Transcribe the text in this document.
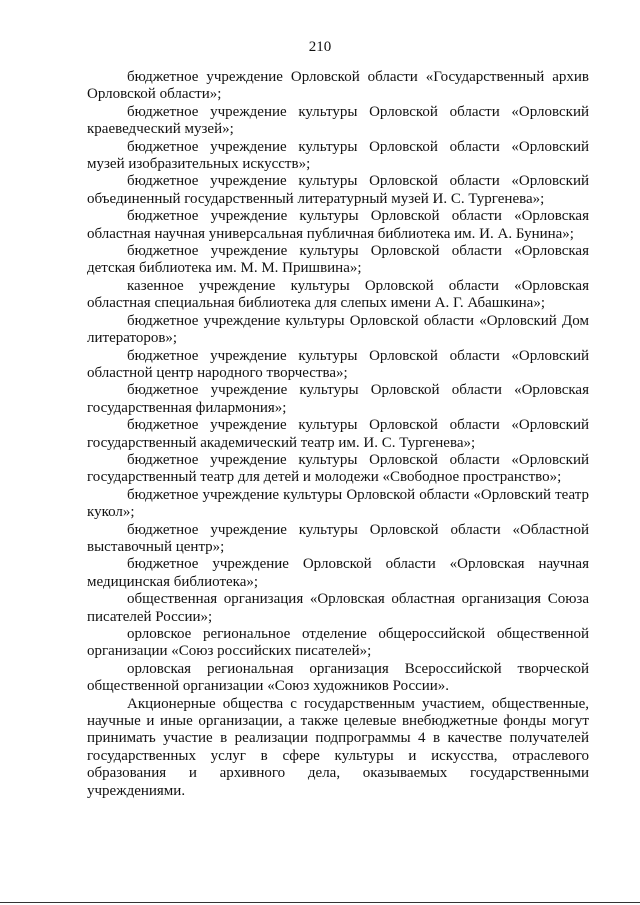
210

бюджетное учреждение Орловской области «Государственный архив Орловской области»;

бюджетное учреждение культуры Орловской области «Орловский краеведческий музей»;

бюджетное учреждение культуры Орловской области «Орловский музей изобразительных искусств»;

бюджетное учреждение культуры Орловской области «Орловский объединенный государственный литературный музей И. С. Тургенева»;

бюджетное учреждение культуры Орловской области «Орловская областная научная универсальная публичная библиотека им. И. А. Бунина»;

бюджетное учреждение культуры Орловской области «Орловская детская библиотека им. М. М. Пришвина»;

казенное учреждение культуры Орловской области «Орловская областная специальная библиотека для слепых имени А. Г. Абашкина»;

бюджетное учреждение культуры Орловской области «Орловский Дом литераторов»;

бюджетное учреждение культуры Орловской области «Орловский областной центр народного творчества»;

бюджетное учреждение культуры Орловской области «Орловская государственная филармония»;

бюджетное учреждение культуры Орловской области «Орловский государственный академический театр им. И. С. Тургенева»;

бюджетное учреждение культуры Орловской области «Орловский государственный театр для детей и молодежи «Свободное пространство»;

бюджетное учреждение культуры Орловской области «Орловский театр кукол»;

бюджетное учреждение культуры Орловской области «Областной выставочный центр»;

бюджетное учреждение Орловской области «Орловская научная медицинская библиотека»;

общественная организация «Орловская областная организация Союза писателей России»;

орловское региональное отделение общероссийской общественной организации «Союз российских писателей»;

орловская региональная организация Всероссийской творческой общественной организации «Союз художников России».

Акционерные общества с государственным участием, общественные, научные и иные организации, а также целевые внебюджетные фонды могут принимать участие в реализации подпрограммы 4 в качестве получателей государственных услуг в сфере культуры и искусства, отраслевого образования и архивного дела, оказываемых государственными учреждениями.
